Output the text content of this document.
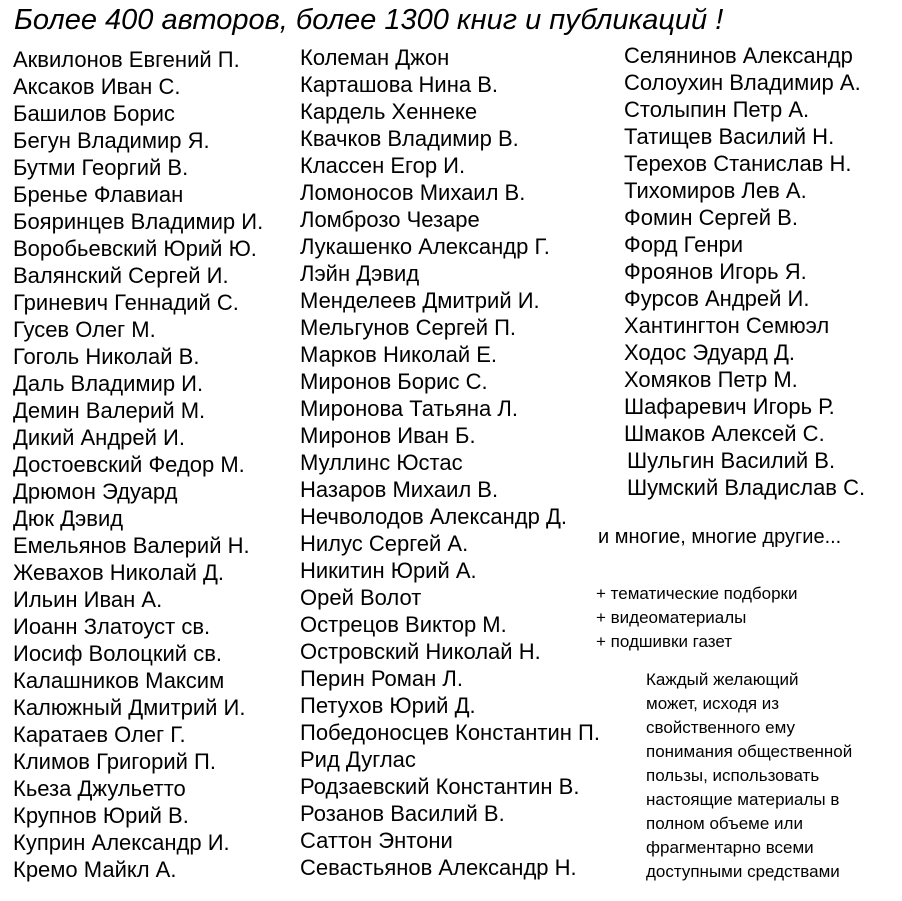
Более 400 авторов, более 1300 книг и публикаций !
Аквилонов Евгений П.
Аксаков Иван С.
Башилов Борис
Бегун Владимир Я.
Бутми Георгий В.
Бренье Флавиан
Бояринцев Владимир И.
Воробьевский Юрий Ю.
Валянский Сергей И.
Гриневич Геннадий С.
Гусев Олег М.
Гоголь Николай В.
Даль Владимир И.
Демин Валерий М.
Дикий Андрей И.
Достоевский Федор М.
Дрюмон Эдуард
Дюк Дэвид
Емельянов Валерий Н.
Жевахов Николай Д.
Ильин Иван А.
Иоанн Златоуст св.
Иосиф Волоцкий св.
Калашников Максим
Калюжный Дмитрий И.
Каратаев Олег Г.
Климов Григорий П.
Кьеза Джульетто
Крупнов Юрий В.
Куприн Александр И.
Кремо Майкл А.
Колеман Джон
Карташова Нина В.
Кардель Хеннеке
Квачков Владимир В.
Классен Егор И.
Ломоносов Михаил В.
Ломброзо Чезаре
Лукашенко Александр Г.
Лэйн Дэвид
Менделеев Дмитрий И.
Мельгунов Сергей П.
Марков Николай Е.
Миронов Борис С.
Миронова Татьяна Л.
Миронов Иван Б.
Муллинс Юстас
Назаров Михаил В.
Нечволодов Александр Д.
Нилус Сергей А.
Никитин Юрий А.
Орей Волот
Острецов Виктор М.
Островский Николай Н.
Перин Роман Л.
Петухов Юрий Д.
Победоносцев Константин П.
Рид Дуглас
Родзаевский Константин В.
Розанов Василий В.
Саттон Энтони
Севастьянов Александр Н.
Селянинов Александр
Солоухин Владимир А.
Столыпин Петр А.
Татищев Василий Н.
Терехов Станислав Н.
Тихомиров Лев А.
Фомин Сергей В.
Форд Генри
Фроянов Игорь Я.
Фурсов Андрей И.
Хантингтон Семюэл
Ходос Эдуард Д.
Хомяков Петр М.
Шафаревич Игорь Р.
Шмаков Алексей С.
Шульгин Василий В.
Шумский Владислав С.
и многие, многие другие...
+ тематические подборки
+ видеоматериалы
+ подшивки газет
Каждый желающий
может, исходя из
свойственного ему
понимания общественной
пользы, использовать
настоящие материалы в
полном объеме или
фрагментарно всеми
доступными средствами
